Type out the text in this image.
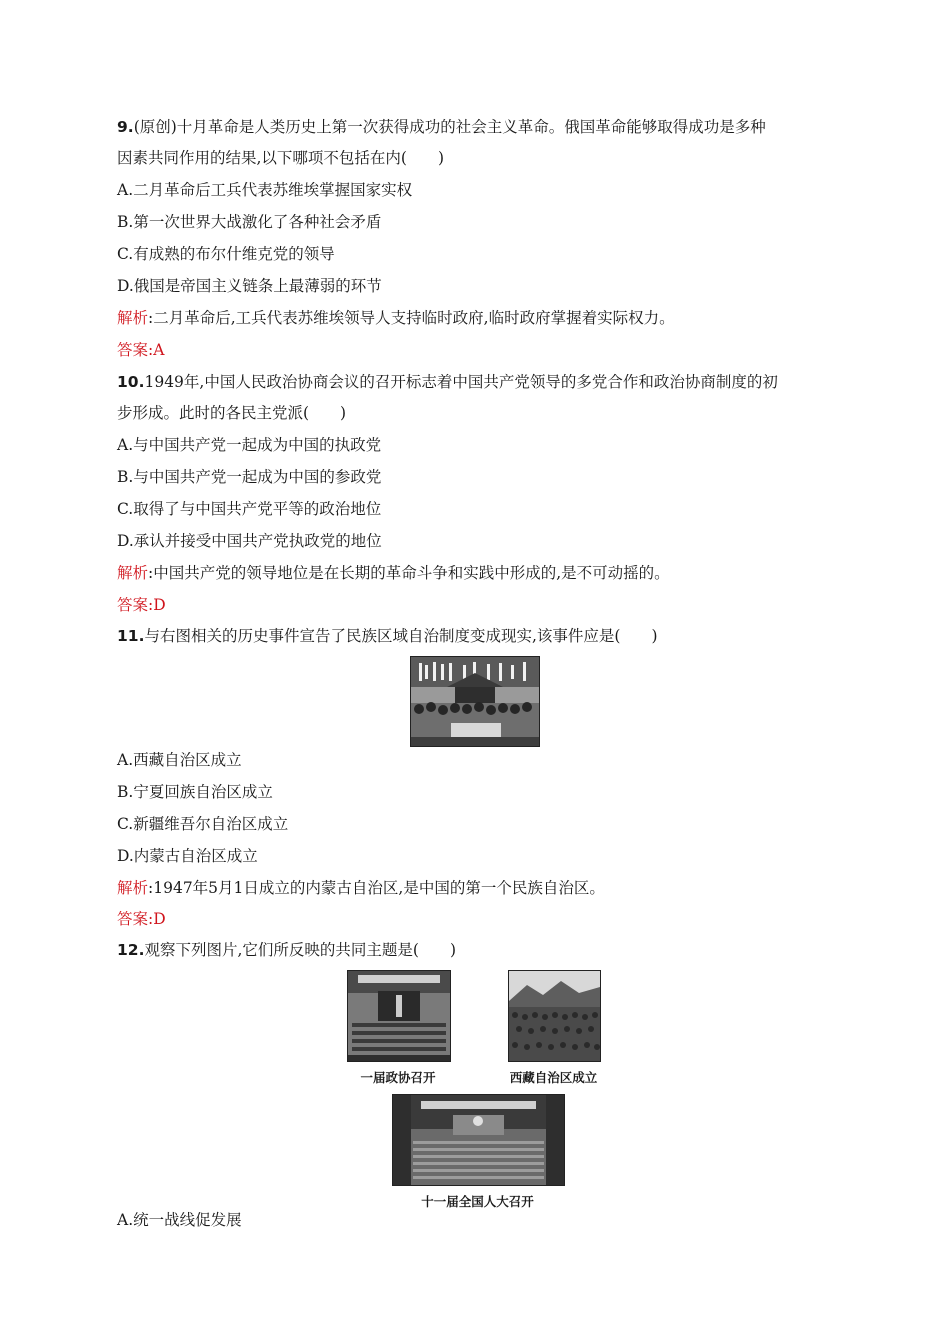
9.(原创)十月革命是人类历史上第一次获得成功的社会主义革命。俄国革命能够取得成功是多种
因素共同作用的结果,以下哪项不包括在内(　　)
A.二月革命后工兵代表苏维埃掌握国家实权
B.第一次世界大战激化了各种社会矛盾
C.有成熟的布尔什维克党的领导
D.俄国是帝国主义链条上最薄弱的环节
解析:二月革命后,工兵代表苏维埃领导人支持临时政府,临时政府掌握着实际权力。
答案:A
10.1949年,中国人民政治协商会议的召开标志着中国共产党领导的多党合作和政治协商制度的初
步形成。此时的各民主党派(　　)
A.与中国共产党一起成为中国的执政党
B.与中国共产党一起成为中国的参政党
C.取得了与中国共产党平等的政治地位
D.承认并接受中国共产党执政党的地位
解析:中国共产党的领导地位是在长期的革命斗争和实践中形成的,是不可动摇的。
答案:D
11.与右图相关的历史事件宣告了民族区域自治制度变成现实,该事件应是(　　)
A.西藏自治区成立
B.宁夏回族自治区成立
C.新疆维吾尔自治区成立
D.内蒙古自治区成立
解析:1947年5月1日成立的内蒙古自治区,是中国的第一个民族自治区。
答案:D
12.观察下列图片,它们所反映的共同主题是(　　)
一届政协召开	西藏自治区成立
十一届全国人大召开
A.统一战线促发展
